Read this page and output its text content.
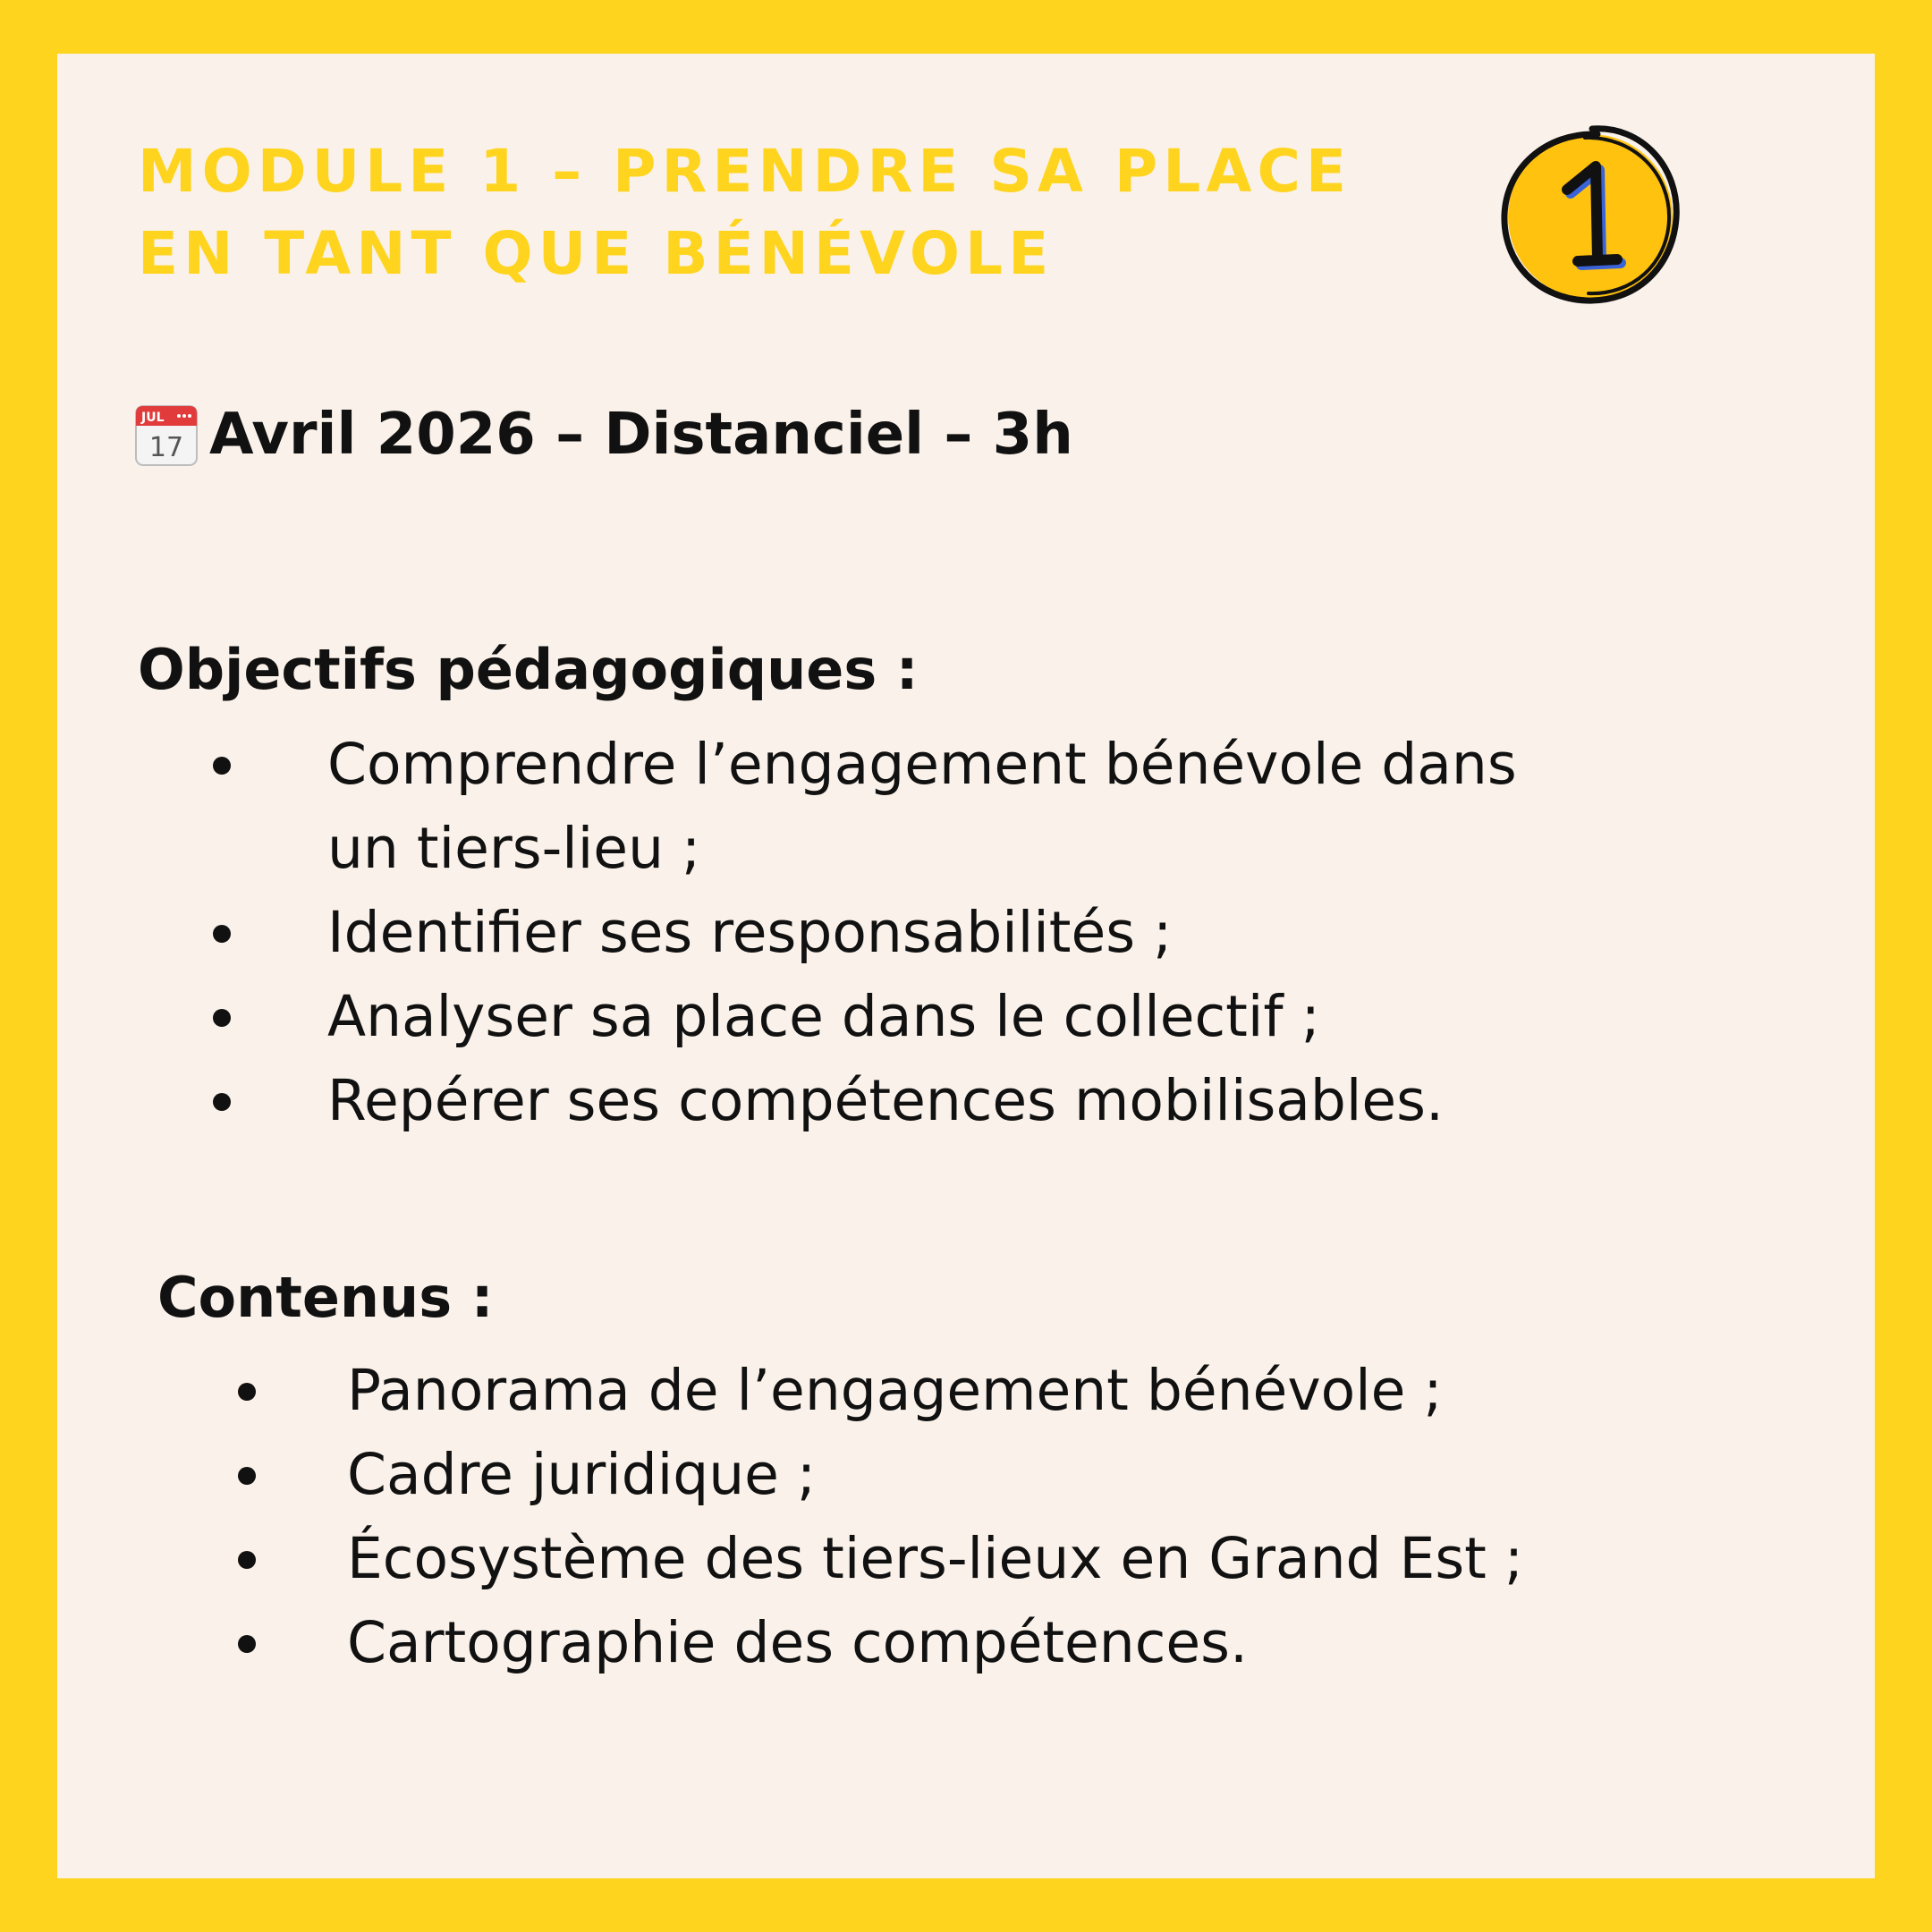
MODULE 1 – PRENDRE SA PLACE
EN TANT QUE BÉNÉVOLE
1
JUL
17 Avril 2026 – Distanciel – 3h
Objectifs pédagogiques :
Comprendre l’engagement bénévole dans
un tiers-lieu ;
Identifier ses responsabilités ;
Analyser sa place dans le collectif ;
Repérer ses compétences mobilisables.
Contenus :
Panorama de l’engagement bénévole ;
Cadre juridique ;
Écosystème des tiers-lieux en Grand Est ;
Cartographie des compétences.
